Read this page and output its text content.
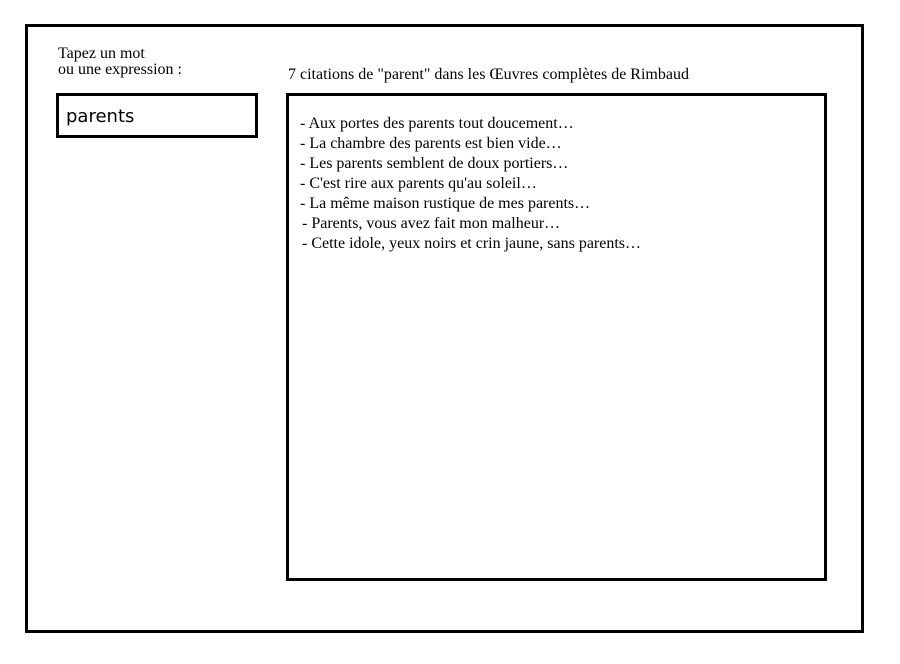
Tapez un mot
ou une expression :
parents	7 citations de "parent" dans les Œuvres complètes de Rimbaud
- Aux portes des parents tout doucement…
- La chambre des parents est bien vide…
- Les parents semblent de doux portiers…
- C'est rire aux parents qu'au soleil…
- La même maison rustique de mes parents…
- Parents, vous avez fait mon malheur…
- Cette idole, yeux noirs et crin jaune, sans parents…
